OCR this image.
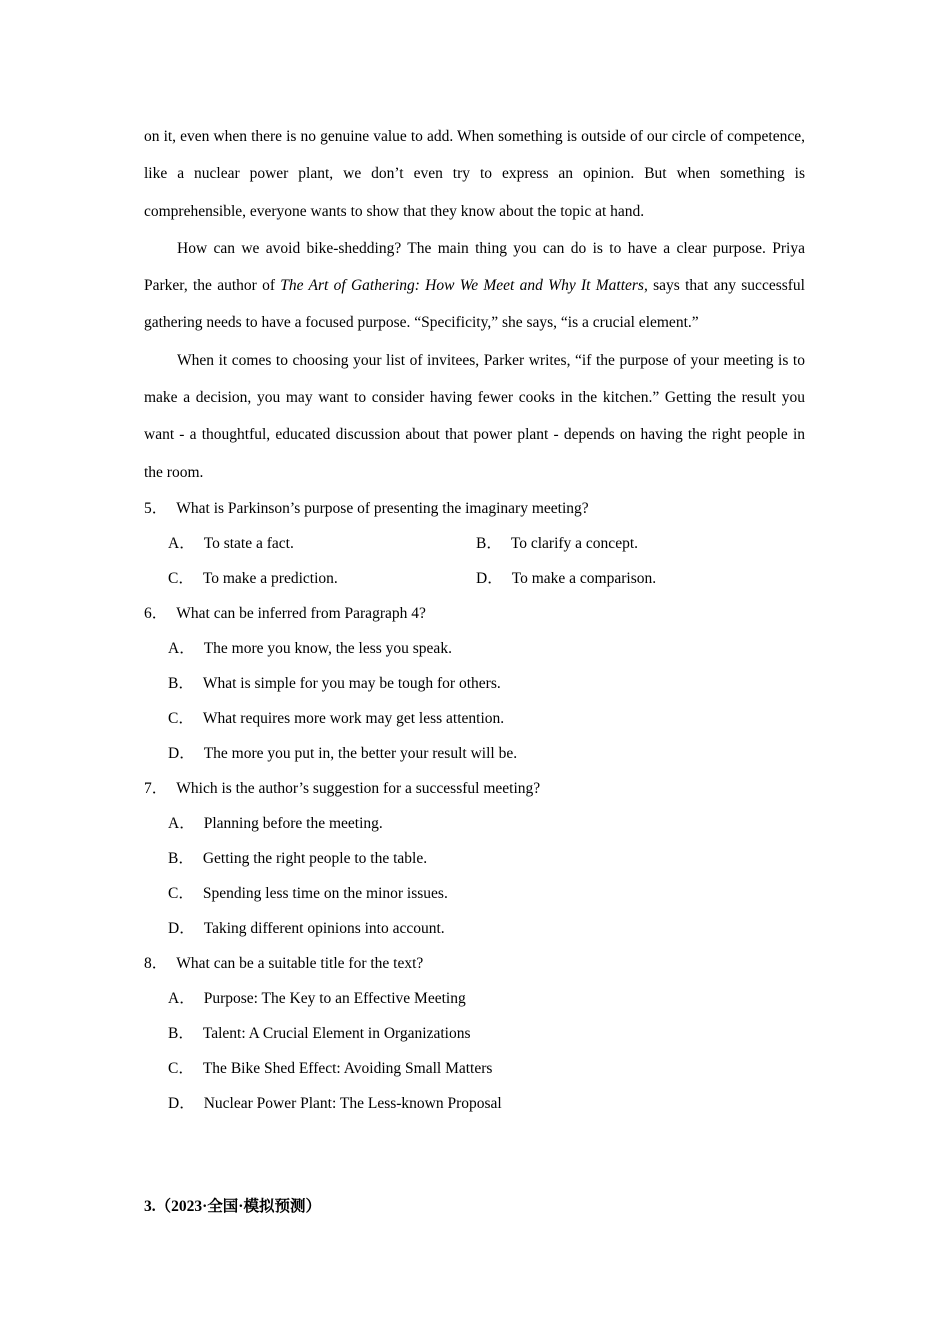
on it, even when there is no genuine value to add. When something is outside of our circle of competence, like a nuclear power plant, we don’t even try to express an opinion. But when something is comprehensible, everyone wants to show that they know about the topic at hand.

How can we avoid bike-shedding? The main thing you can do is to have a clear purpose. Priya Parker, the author of The Art of Gathering: How We Meet and Why It Matters, says that any successful gathering needs to have a focused purpose. “Specificity,” she says, “is a crucial element.”

When it comes to choosing your list of invitees, Parker writes, “if the purpose of your meeting is to make a decision, you may want to consider having fewer cooks in the kitchen.” Getting the result you want - a thoughtful, educated discussion about that power plant - depends on having the right people in the room.

5． What is Parkinson’s purpose of presenting the imaginary meeting?
A． To state a fact.	B． To clarify a concept.
C． To make a prediction.	D． To make a comparison.
6． What can be inferred from Paragraph 4?
A． The more you know, the less you speak.
B． What is simple for you may be tough for others.
C． What requires more work may get less attention.
D． The more you put in, the better your result will be.
7． Which is the author’s suggestion for a successful meeting?
A． Planning before the meeting.
B． Getting the right people to the table.
C． Spending less time on the minor issues.
D． Taking different opinions into account.
8． What can be a suitable title for the text?
A． Purpose: The Key to an Effective Meeting
B． Talent: A Crucial Element in Organizations
C． The Bike Shed Effect: Avoiding Small Matters
D． Nuclear Power Plant: The Less-known Proposal
3.（2023·全国·模拟预测）
